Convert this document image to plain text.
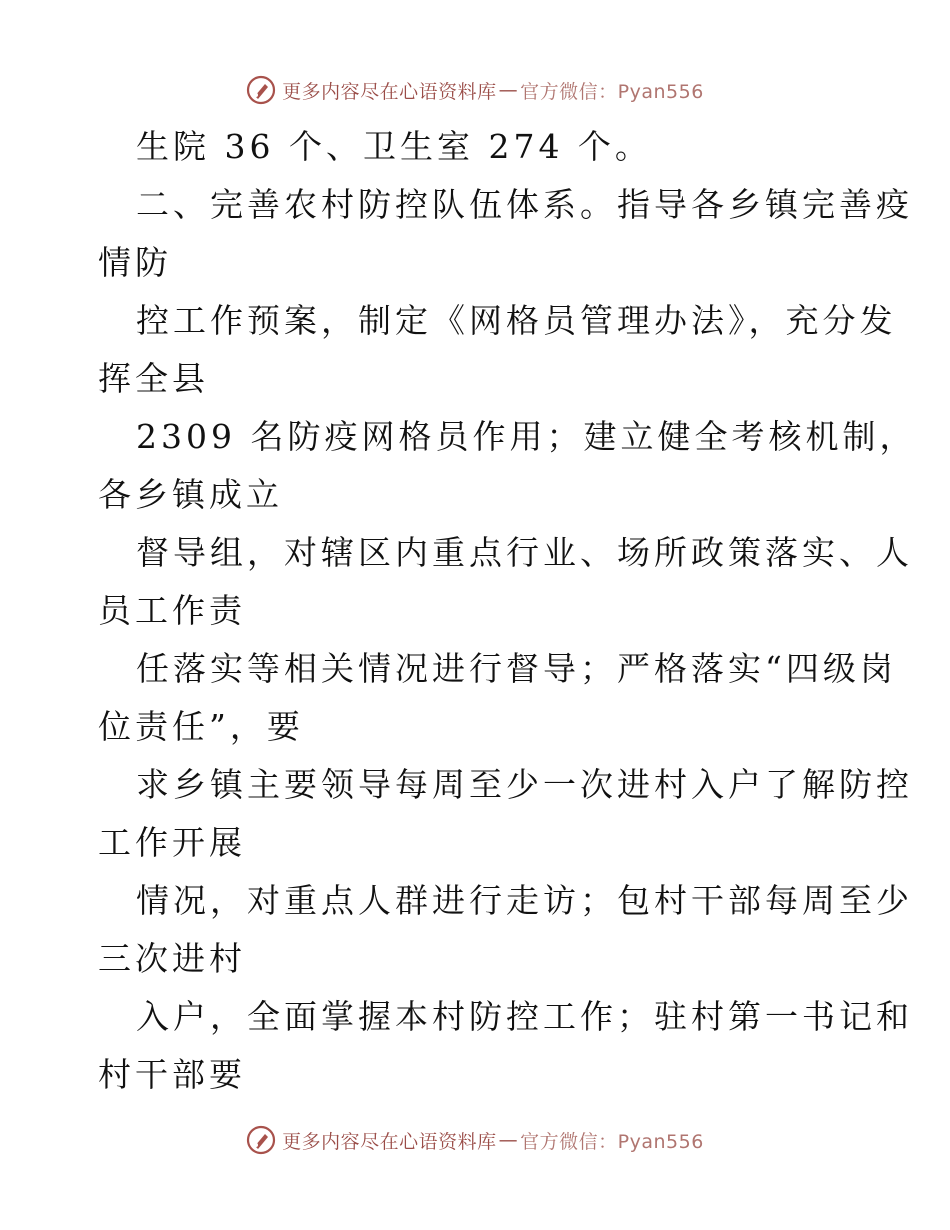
更多内容尽在心语资料库 — 官方微信：Pyan556
生院 36 个、卫生室 274 个。
二、完善农村防控队伍体系。指导各乡镇完善疫
情防
控工作预案，制定《网格员管理办法》，充分发
挥全县
2309 名防疫网格员作用；建立健全考核机制，
各乡镇成立
督导组，对辖区内重点行业、场所政策落实、人
员工作责
任落实等相关情况进行督导；严格落实“四级岗
位责任”，要
求乡镇主要领导每周至少一次进村入户了解防控
工作开展
情况，对重点人群进行走访；包村干部每周至少
三次进村
入户，全面掌握本村防控工作；驻村第一书记和
村干部要
更多内容尽在心语资料库 — 官方微信：Pyan556
